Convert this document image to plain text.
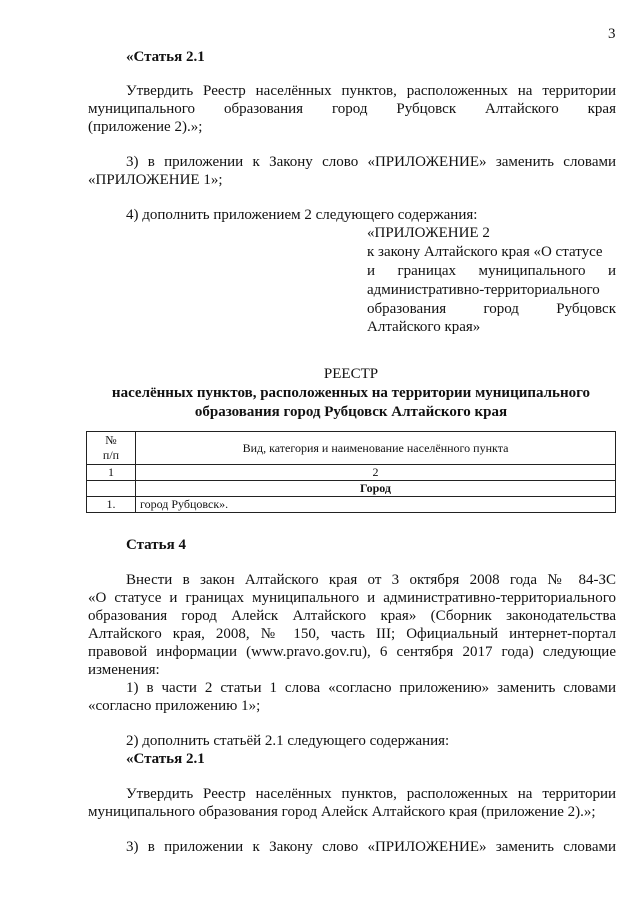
3
«Статья 2.1
Утвердить Реестр населённых пунктов, расположенных на территории
муниципального образования город Рубцовск Алтайского края
(приложение 2).»;
3) в приложении к Закону слово «ПРИЛОЖЕНИЕ» заменить словами
«ПРИЛОЖЕНИЕ 1»;
4) дополнить приложением 2 следующего содержания:
«ПРИЛОЖЕНИЕ 2
к закону Алтайского края «О статусе
и границах муниципального и
административно-территориального
образования город Рубцовск
Алтайского края»
РЕЕСТР
населённых пунктов, расположенных на территории муниципального
образования город Рубцовск Алтайского края
№
п/п	Вид, категория и наименование населённого пункта
1	2
	Город
1.	город Рубцовск».
Статья 4
Внести в закон Алтайского края от 3 октября 2008 года № 84-ЗС
«О статусе и границах муниципального и административно-территориального
образования город Алейск Алтайского края» (Сборник законодательства
Алтайского края, 2008, № 150, часть III; Официальный интернет-портал
правовой информации (www.pravo.gov.ru), 6 сентября 2017 года) следующие
изменения:
1) в части 2 статьи 1 слова «согласно приложению» заменить словами
«согласно приложению 1»;
2) дополнить статьёй 2.1 следующего содержания:
«Статья 2.1
Утвердить Реестр населённых пунктов, расположенных на территории
муниципального образования город Алейск Алтайского края (приложение 2).»;
3) в приложении к Закону слово «ПРИЛОЖЕНИЕ» заменить словами
